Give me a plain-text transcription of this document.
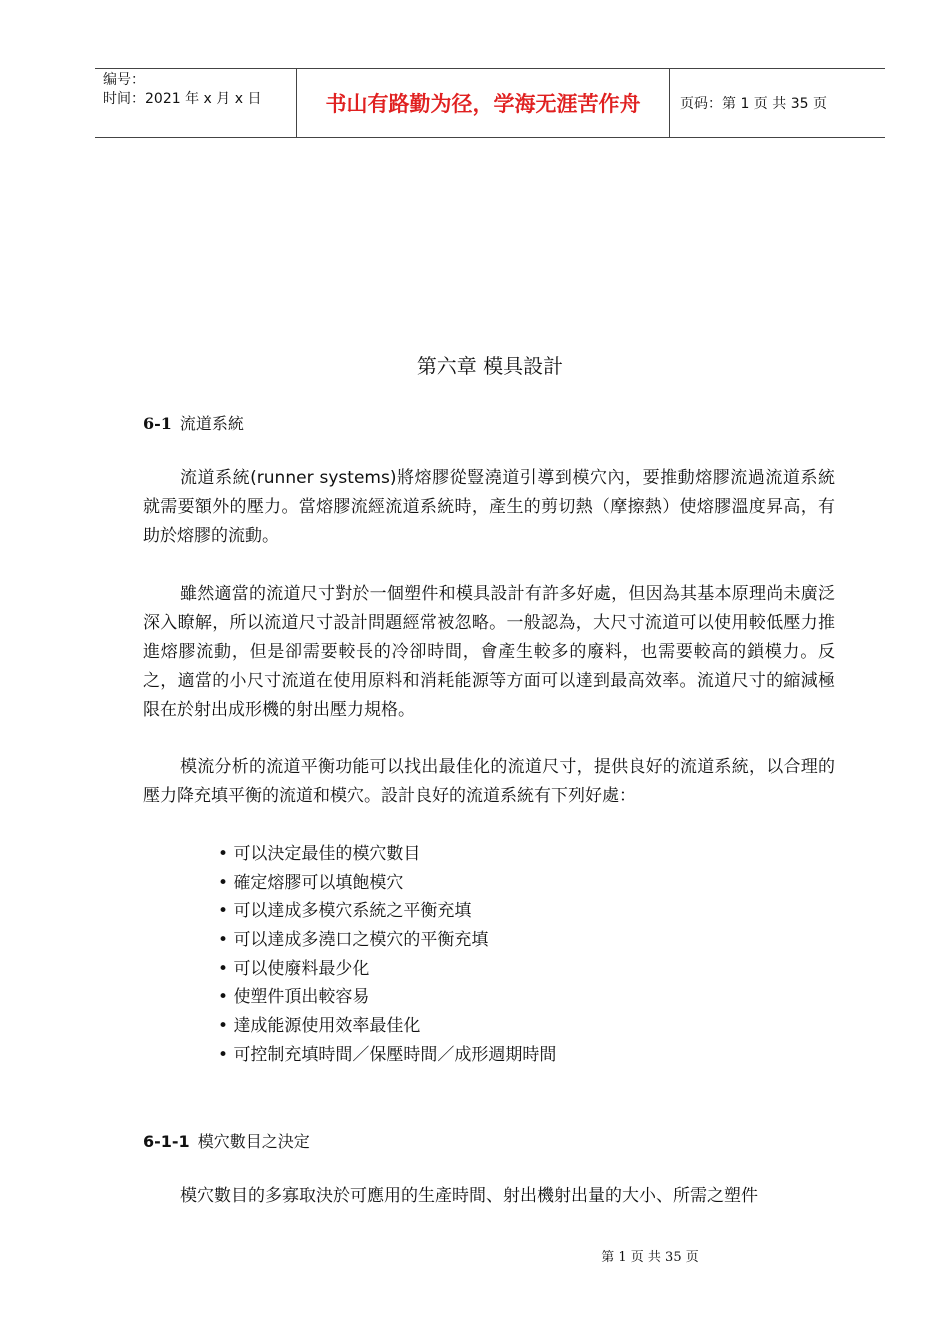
编号：
时间：2021 年 x 月 x 日	书山有路勤为径，学海无涯苦作舟	页码：第 1 页 共 35 页
第六章 模具設計
6-1 流道系統
流道系統(runner systems)將熔膠從豎澆道引導到模穴內，要推動熔膠流過流道系統就需要額外的壓力。當熔膠流經流道系統時，產生的剪切熱（摩擦熱）使熔膠溫度昇高，有助於熔膠的流動。
雖然適當的流道尺寸對於一個塑件和模具設計有許多好處，但因為其基本原理尚未廣泛深入瞭解，所以流道尺寸設計問題經常被忽略。一般認為，大尺寸流道可以使用較低壓力推進熔膠流動，但是卻需要較長的冷卻時間，會產生較多的廢料，也需要較高的鎖模力。反之，適當的小尺寸流道在使用原料和消耗能源等方面可以達到最高效率。流道尺寸的縮減極限在於射出成形機的射出壓力規格。
模流分析的流道平衡功能可以找出最佳化的流道尺寸，提供良好的流道系統，以合理的壓力降充填平衡的流道和模穴。設計良好的流道系統有下列好處：
• 可以決定最佳的模穴數目
• 確定熔膠可以填飽模穴
• 可以達成多模穴系統之平衡充填
• 可以達成多澆口之模穴的平衡充填
• 可以使廢料最少化
• 使塑件頂出較容易
• 達成能源使用效率最佳化
• 可控制充填時間／保壓時間／成形週期時間
6-1-1 模穴數目之決定
模穴數目的多寡取決於可應用的生產時間、射出機射出量的大小、所需之塑件
第 1 页 共 35 页
